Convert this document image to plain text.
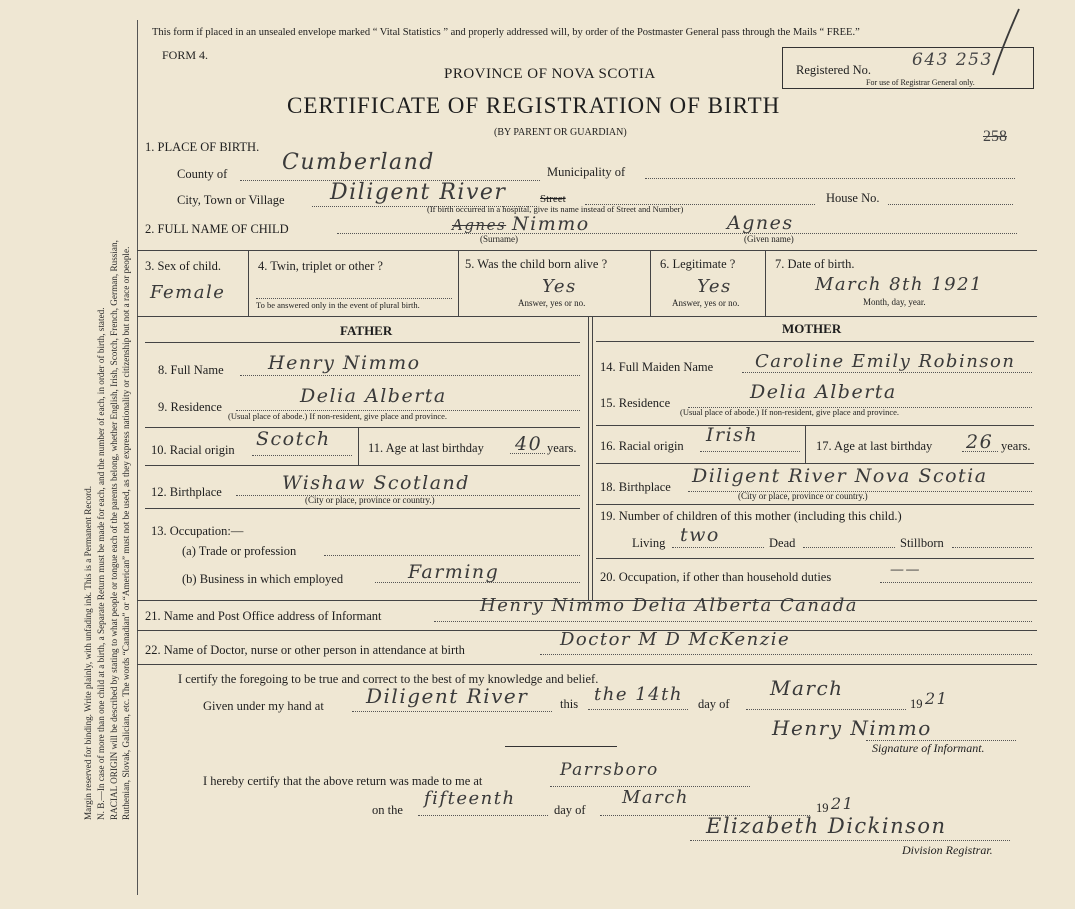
Margin reserved for binding. Write plainly, with unfading ink. This is a Permanent Record. N. B.—In case of more than one child at a birth, a Separate Return must be made for each, and the number of each, in order of birth, stated. RACIAL ORIGIN will be described by stating to what people or tongue each of the parents belong, whether English, Irish, Scotch, French, German, Russian, Ruthenian, Slovak, Galician, etc. The words “Canadian” or “American” must not be used, as they express nationality or citizenship but not a race or people.
This form if placed in an unsealed envelope marked “ Vital Statistics ” and properly addressed will, by order of the Postmaster General pass through the Mails “ FREE.”
FORM 4.
PROVINCE OF NOVA SCOTIA
CERTIFICATE OF REGISTRATION OF BIRTH
(BY PARENT OR GUARDIAN)
Registered No. 643 253
For use of Registrar General only.
258
1. PLACE OF BIRTH.
County of Cumberland	Municipality of
City, Town or Village Diligent River	Street	House No.
(If birth occurred in a hospital, give its name instead of Street and Number)
2. FULL NAME OF CHILD	Agnes Nimmo
(Surname)
Agnes
(Given name)
3. Sex of child.
Female
4. Twin, triplet or other ?
To be answered only in the event of plural birth.
5. Was the child born alive ?
Yes
Answer, yes or no.
6. Legitimate ?
Yes
Answer, yes or no.
7. Date of birth.
March 8th 1921
Month, day, year.
FATHER	MOTHER
8. Full Name Henry Nimmo
9. Residence	Delia Alberta
(Usual place of abode.) If non-resident, give place and province.
10. Racial origin Scotch	11. Age at last birthday 40 years.
12. Birthplace	Wishaw Scotland
(City or place, province or country.)
13. Occupation:—
(a) Trade or profession
(b) Business in which employed	Farming
14. Full Maiden Name Caroline Emily Robinson
15. Residence	Delia Alberta
(Usual place of abode.) If non-resident, give place and province.
16. Racial origin Irish	17. Age at last birthday 26 years.
18. Birthplace Diligent River Nova Scotia
(City or place, province or country.)
19. Number of children of this mother (including this child.)
Living two	Dead	Stillborn
20. Occupation, if other than household duties	——
21. Name and Post Office address of Informant	Henry Nimmo Delia Alberta Canada
22. Name of Doctor, nurse or other person in attendance at birth	Doctor M D McKenzie
I certify the foregoing to be true and correct to the best of my knowledge and belief.
Given under my hand at Diligent River	this the 14th day of
March
19 21
Henry Nimmo
Signature of Informant.
I hereby certify that the above return was made to me at
Parrsboro
on the
fifteenth
day of
March	19 21
Elizabeth Dickinson
Division Registrar.
